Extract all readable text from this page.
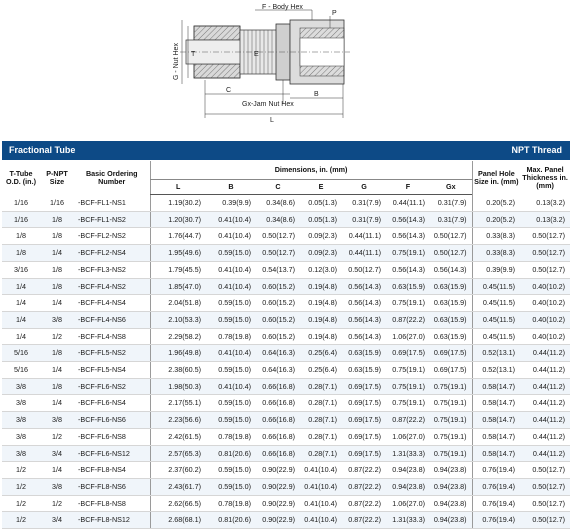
F - Body Hex
P
G - Nut Hex T	E
C
B
Gx-Jam Nut Hex
L
Fractional Tube	NPT Thread
T-Tube O.D. (in.)	P-NPT Size	Basic Ordering Number	Dimensions, in. (mm)							Panel Hole Size in. (mm)	Max. Panel Thickness in. (mm)
			L	B	C	E	G	F	Gx		
1/16	1/16	-BCF-FL1-NS1	1.19(30.2)	0.39(9.9)	0.34(8.6)	0.05(1.3)	0.31(7.9)	0.44(11.1)	0.31(7.9)	0.20(5.2)	0.13(3.2)
1/16	1/8	-BCF-FL1-NS2	1.20(30.7)	0.41(10.4)	0.34(8.6)	0.05(1.3)	0.31(7.9)	0.56(14.3)	0.31(7.9)	0.20(5.2)	0.13(3.2)
1/8	1/8	-BCF-FL2-NS2	1.76(44.7)	0.41(10.4)	0.50(12.7)	0.09(2.3)	0.44(11.1)	0.56(14.3)	0.50(12.7)	0.33(8.3)	0.50(12.7)
1/8	1/4	-BCF-FL2-NS4	1.95(49.6)	0.59(15.0)	0.50(12.7)	0.09(2.3)	0.44(11.1)	0.75(19.1)	0.50(12.7)	0.33(8.3)	0.50(12.7)
3/16	1/8	-BCF-FL3-NS2	1.79(45.5)	0.41(10.4)	0.54(13.7)	0.12(3.0)	0.50(12.7)	0.56(14.3)	0.56(14.3)	0.39(9.9)	0.50(12.7)
1/4	1/8	-BCF-FL4-NS2	1.85(47.0)	0.41(10.4)	0.60(15.2)	0.19(4.8)	0.56(14.3)	0.63(15.9)	0.63(15.9)	0.45(11.5)	0.40(10.2)
1/4	1/4	-BCF-FL4-NS4	2.04(51.8)	0.59(15.0)	0.60(15.2)	0.19(4.8)	0.56(14.3)	0.75(19.1)	0.63(15.9)	0.45(11.5)	0.40(10.2)
1/4	3/8	-BCF-FL4-NS6	2.10(53.3)	0.59(15.0)	0.60(15.2)	0.19(4.8)	0.56(14.3)	0.87(22.2)	0.63(15.9)	0.45(11.5)	0.40(10.2)
1/4	1/2	-BCF-FL4-NS8	2.29(58.2)	0.78(19.8)	0.60(15.2)	0.19(4.8)	0.56(14.3)	1.06(27.0)	0.63(15.9)	0.45(11.5)	0.40(10.2)
5/16	1/8	-BCF-FL5-NS2	1.96(49.8)	0.41(10.4)	0.64(16.3)	0.25(6.4)	0.63(15.9)	0.69(17.5)	0.69(17.5)	0.52(13.1)	0.44(11.2)
5/16	1/4	-BCF-FL5-NS4	2.38(60.5)	0.59(15.0)	0.64(16.3)	0.25(6.4)	0.63(15.9)	0.75(19.1)	0.69(17.5)	0.52(13.1)	0.44(11.2)
3/8	1/8	-BCF-FL6-NS2	1.98(50.3)	0.41(10.4)	0.66(16.8)	0.28(7.1)	0.69(17.5)	0.75(19.1)	0.75(19.1)	0.58(14.7)	0.44(11.2)
3/8	1/4	-BCF-FL6-NS4	2.17(55.1)	0.59(15.0)	0.66(16.8)	0.28(7.1)	0.69(17.5)	0.75(19.1)	0.75(19.1)	0.58(14.7)	0.44(11.2)
3/8	3/8	-BCF-FL6-NS6	2.23(56.6)	0.59(15.0)	0.66(16.8)	0.28(7.1)	0.69(17.5)	0.87(22.2)	0.75(19.1)	0.58(14.7)	0.44(11.2)
3/8	1/2	-BCF-FL6-NS8	2.42(61.5)	0.78(19.8)	0.66(16.8)	0.28(7.1)	0.69(17.5)	1.06(27.0)	0.75(19.1)	0.58(14.7)	0.44(11.2)
3/8	3/4	-BCF-FL6-NS12	2.57(65.3)	0.81(20.6)	0.66(16.8)	0.28(7.1)	0.69(17.5)	1.31(33.3)	0.75(19.1)	0.58(14.7)	0.44(11.2)
1/2	1/4	-BCF-FL8-NS4	2.37(60.2)	0.59(15.0)	0.90(22.9)	0.41(10.4)	0.87(22.2)	0.94(23.8)	0.94(23.8)	0.76(19.4)	0.50(12.7)
1/2	3/8	-BCF-FL8-NS6	2.43(61.7)	0.59(15.0)	0.90(22.9)	0.41(10.4)	0.87(22.2)	0.94(23.8)	0.94(23.8)	0.76(19.4)	0.50(12.7)
1/2	1/2	-BCF-FL8-NS8	2.62(66.5)	0.78(19.8)	0.90(22.9)	0.41(10.4)	0.87(22.2)	1.06(27.0)	0.94(23.8)	0.76(19.4)	0.50(12.7)
1/2	3/4	-BCF-FL8-NS12	2.68(68.1)	0.81(20.6)	0.90(22.9)	0.41(10.4)	0.87(22.2)	1.31(33.3)	0.94(23.8)	0.76(19.4)	0.50(12.7)
